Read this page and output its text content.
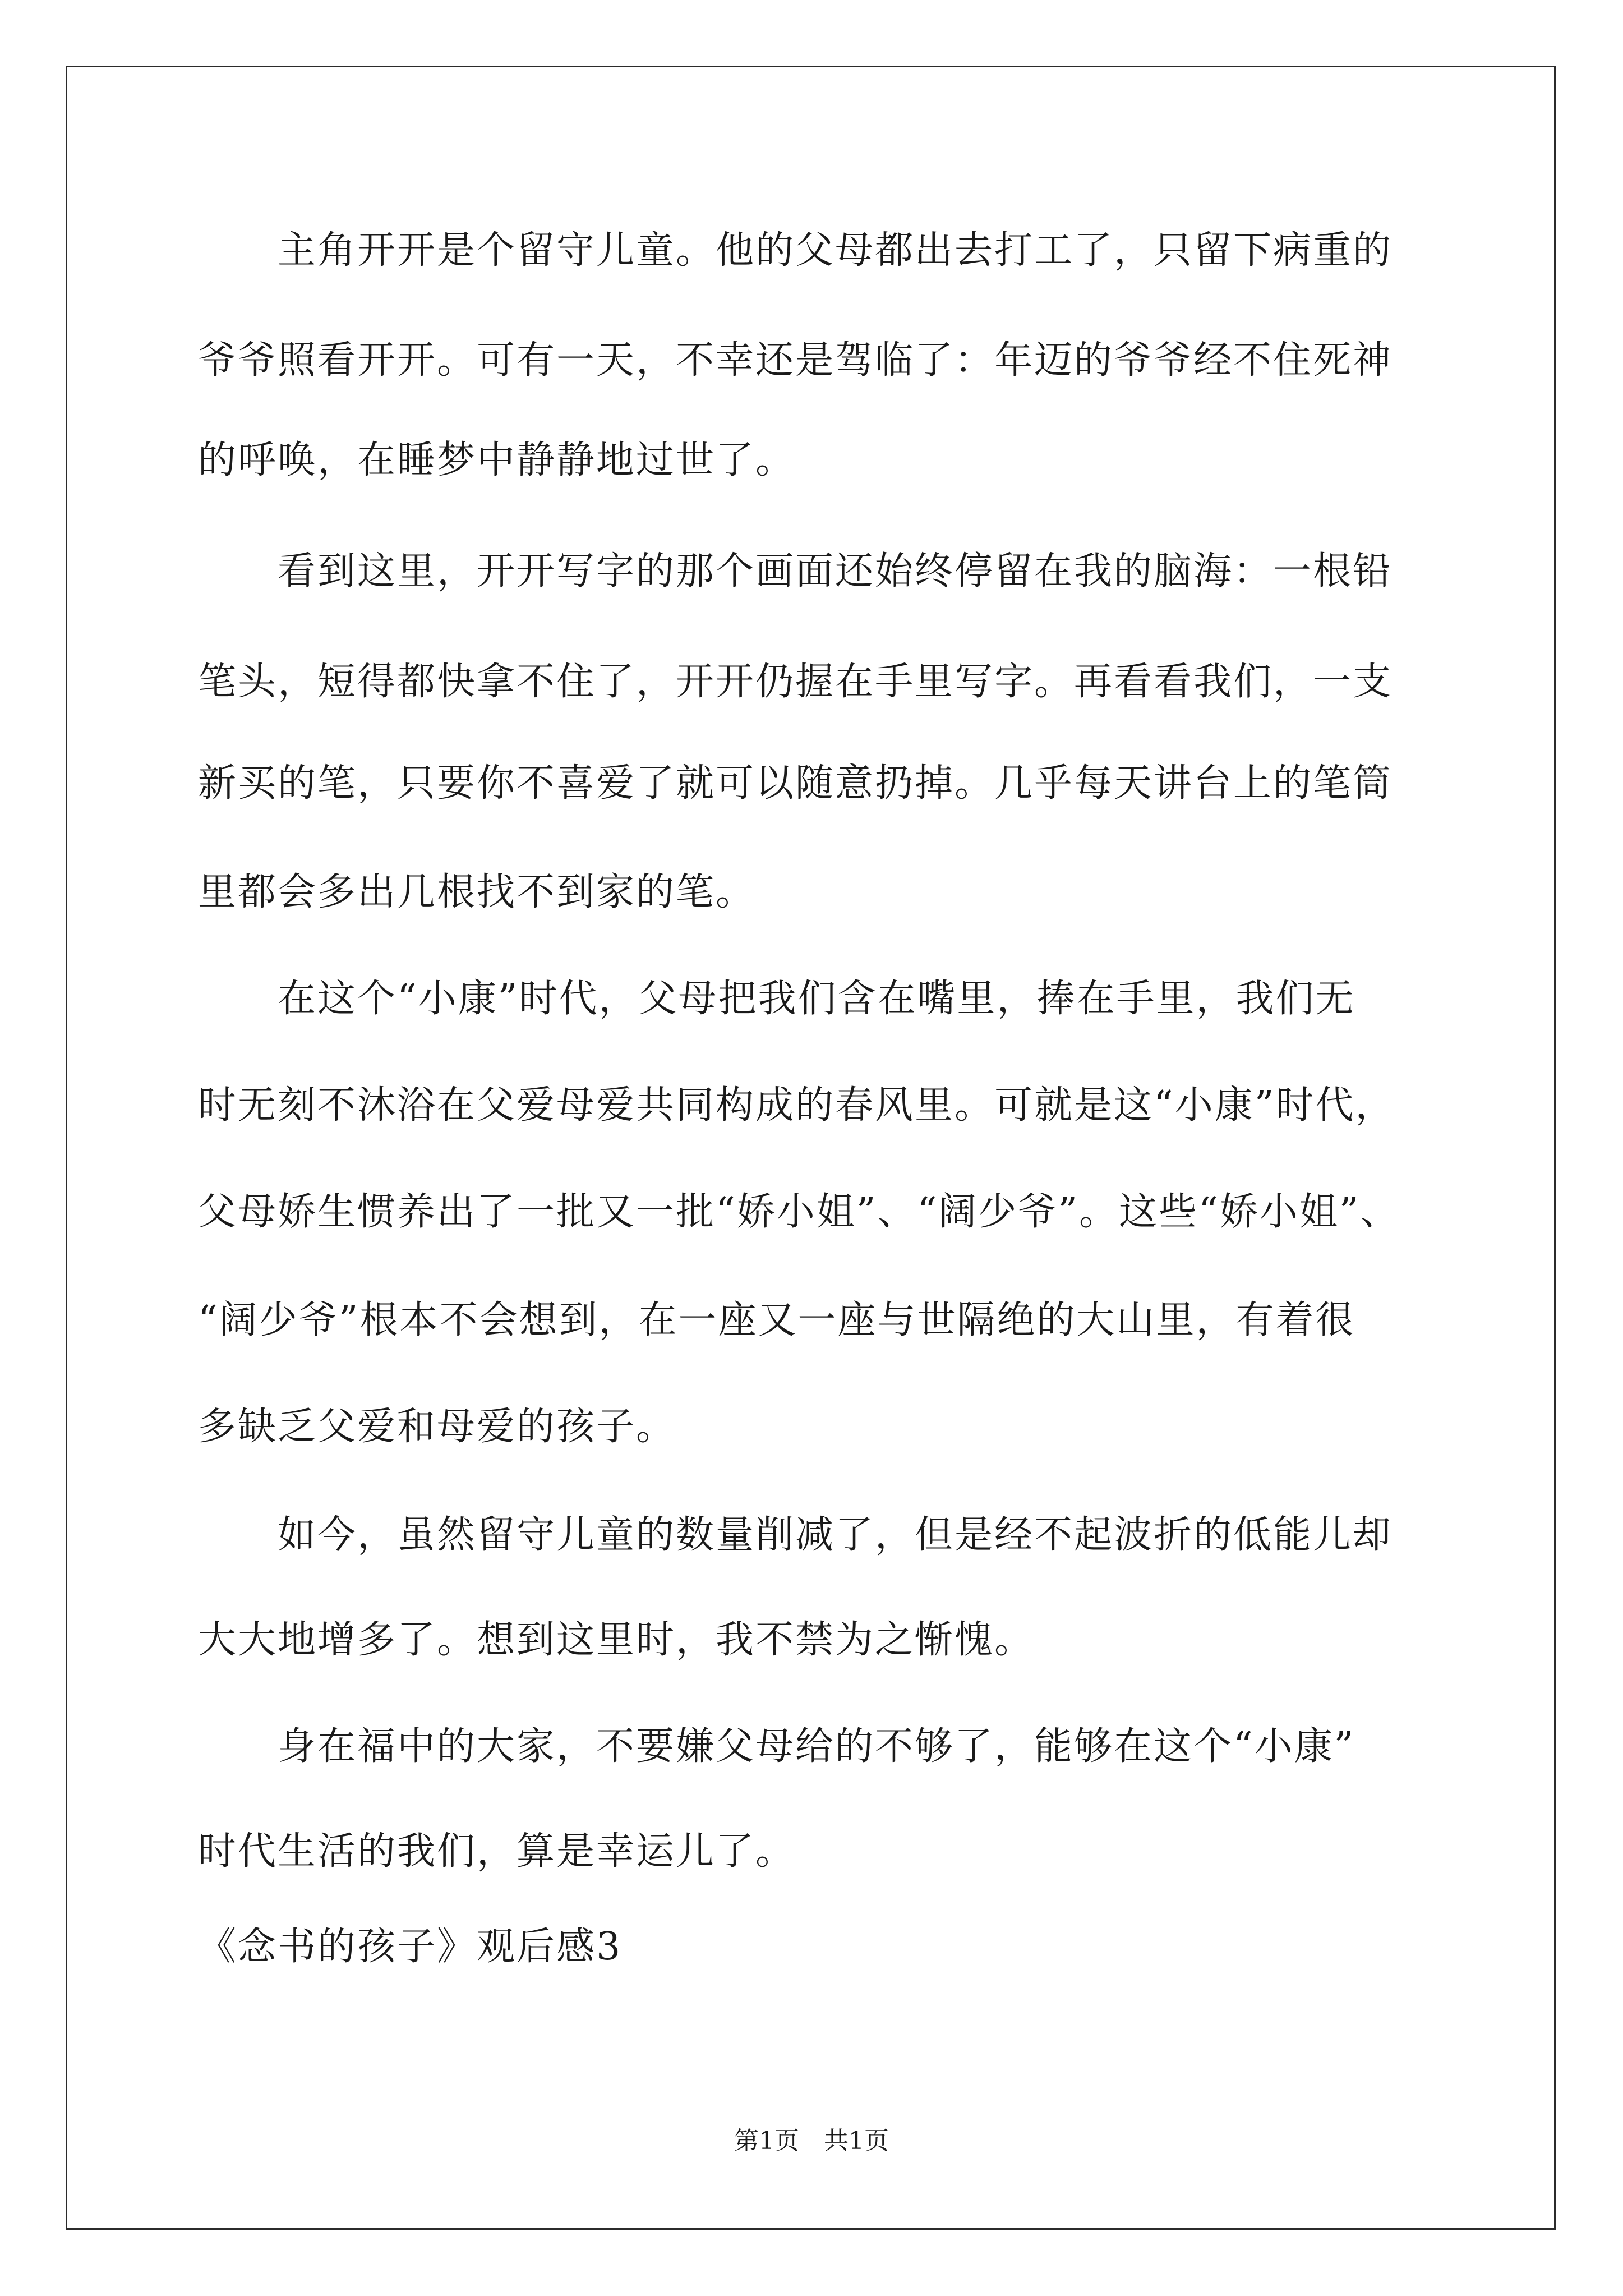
　　主角开开是个留守儿童。他的父母都出去打工了，只留下病重的
爷爷照看开开。可有一天，不幸还是驾临了：年迈的爷爷经不住死神
的呼唤，在睡梦中静静地过世了。
　　看到这里，开开写字的那个画面还始终停留在我的脑海：一根铅
笔头，短得都快拿不住了，开开仍握在手里写字。再看看我们，一支
新买的笔，只要你不喜爱了就可以随意扔掉。几乎每天讲台上的笔筒
里都会多出几根找不到家的笔。
　　在这个“小康”时代，父母把我们含在嘴里，捧在手里，我们无
时无刻不沐浴在父爱母爱共同构成的春风里。可就是这“小康”时代，
父母娇生惯养出了一批又一批“娇小姐”、“阔少爷”。这些“娇小姐”、
“阔少爷”根本不会想到，在一座又一座与世隔绝的大山里，有着很
多缺乏父爱和母爱的孩子。
　　如今，虽然留守儿童的数量削减了，但是经不起波折的低能儿却
大大地增多了。想到这里时，我不禁为之惭愧。
　　身在福中的大家，不要嫌父母给的不够了，能够在这个“小康”
时代生活的我们，算是幸运儿了。
《念书的孩子》观后感3
第1页　共1页
